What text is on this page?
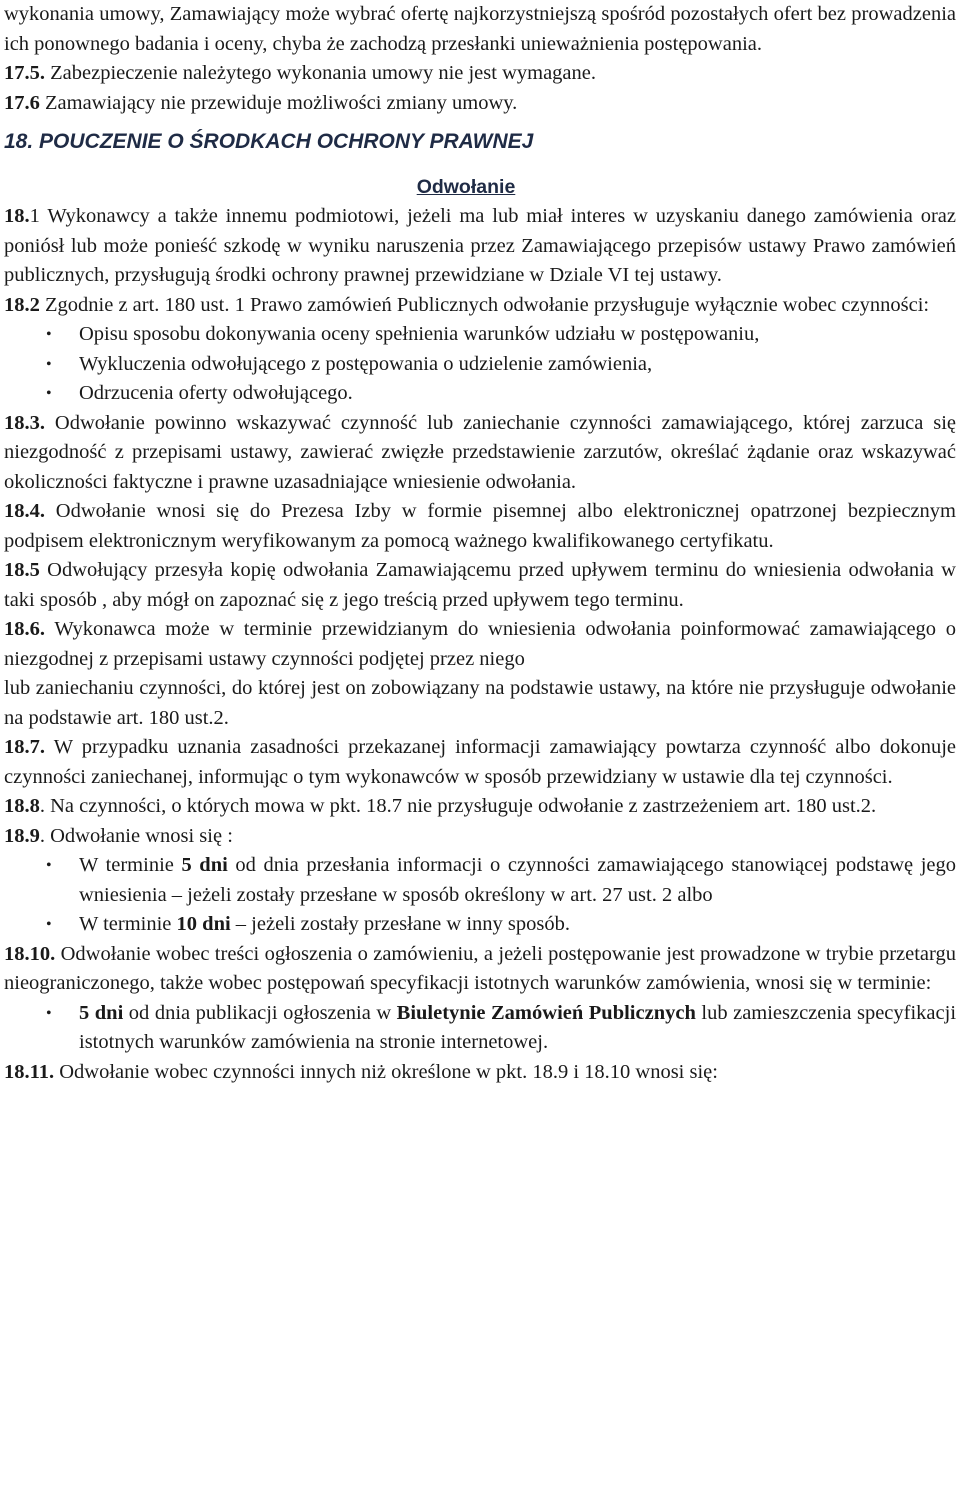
wykonania umowy, Zamawiający może wybrać ofertę najkorzystniejszą spośród pozostałych ofert bez prowadzenia ich ponownego badania i oceny, chyba że zachodzą przesłanki unieważnienia postępowania.

17.5. Zabezpieczenie należytego wykonania umowy nie jest wymagane.

17.6 Zamawiający nie przewiduje możliwości zmiany umowy.

18. POUCZENIE O ŚRODKACH OCHRONY PRAWNEJ
Odwołanie

18.1 Wykonawcy a także innemu podmiotowi, jeżeli ma lub miał interes w uzyskaniu danego zamówienia oraz poniósł lub może ponieść szkodę w wyniku naruszenia przez Zamawiającego przepisów ustawy Prawo zamówień publicznych, przysługują środki ochrony prawnej przewidziane w Dziale VI tej ustawy.

18.2 Zgodnie z art. 180 ust. 1 Prawo zamówień Publicznych odwołanie przysługuje wyłącznie wobec czynności:

• Opisu sposobu dokonywania oceny spełnienia warunków udziału w postępowaniu,
• Wykluczenia odwołującego z postępowania o udzielenie zamówienia,
• Odrzucenia oferty odwołującego.

18.3. Odwołanie powinno wskazywać czynność lub zaniechanie czynności zamawiającego, której zarzuca się niezgodność z przepisami ustawy, zawierać zwięzłe przedstawienie zarzutów, określać żądanie oraz wskazywać okoliczności faktyczne i prawne uzasadniające wniesienie odwołania.

18.4. Odwołanie wnosi się do Prezesa Izby w formie pisemnej albo elektronicznej opatrzonej bezpiecznym podpisem elektronicznym weryfikowanym za pomocą ważnego kwalifikowanego certyfikatu.

18.5 Odwołujący przesyła kopię odwołania Zamawiającemu przed upływem terminu do wniesienia odwołania w taki sposób , aby mógł on zapoznać się z jego treścią przed upływem tego terminu.

18.6. Wykonawca może w terminie przewidzianym do wniesienia odwołania poinformować zamawiającego o niezgodnej z przepisami ustawy czynności podjętej przez niego

lub zaniechaniu czynności, do której jest on zobowiązany na podstawie ustawy, na które nie przysługuje odwołanie na podstawie art. 180 ust.2.

18.7. W przypadku uznania zasadności przekazanej informacji zamawiający powtarza czynność albo dokonuje czynności zaniechanej, informując o tym wykonawców w sposób przewidziany w ustawie dla tej czynności.

18.8. Na czynności, o których mowa w pkt. 18.7 nie przysługuje odwołanie z zastrzeżeniem art. 180 ust.2.

18.9. Odwołanie wnosi się :

• W terminie 5 dni od dnia przesłania informacji o czynności zamawiającego stanowiącej podstawę jego wniesienia – jeżeli zostały przesłane w sposób określony w art. 27 ust. 2 albo
• W terminie 10 dni – jeżeli zostały przesłane w inny sposób.

18.10. Odwołanie wobec treści ogłoszenia o zamówieniu, a jeżeli postępowanie jest prowadzone w trybie przetargu nieograniczonego, także wobec postępowań specyfikacji istotnych warunków zamówienia, wnosi się w terminie:

• 5 dni od dnia publikacji ogłoszenia w Biuletynie Zamówień Publicznych lub zamieszczenia specyfikacji istotnych warunków zamówienia na stronie internetowej.

18.11. Odwołanie wobec czynności innych niż określone w pkt. 18.9 i 18.10 wnosi się:
